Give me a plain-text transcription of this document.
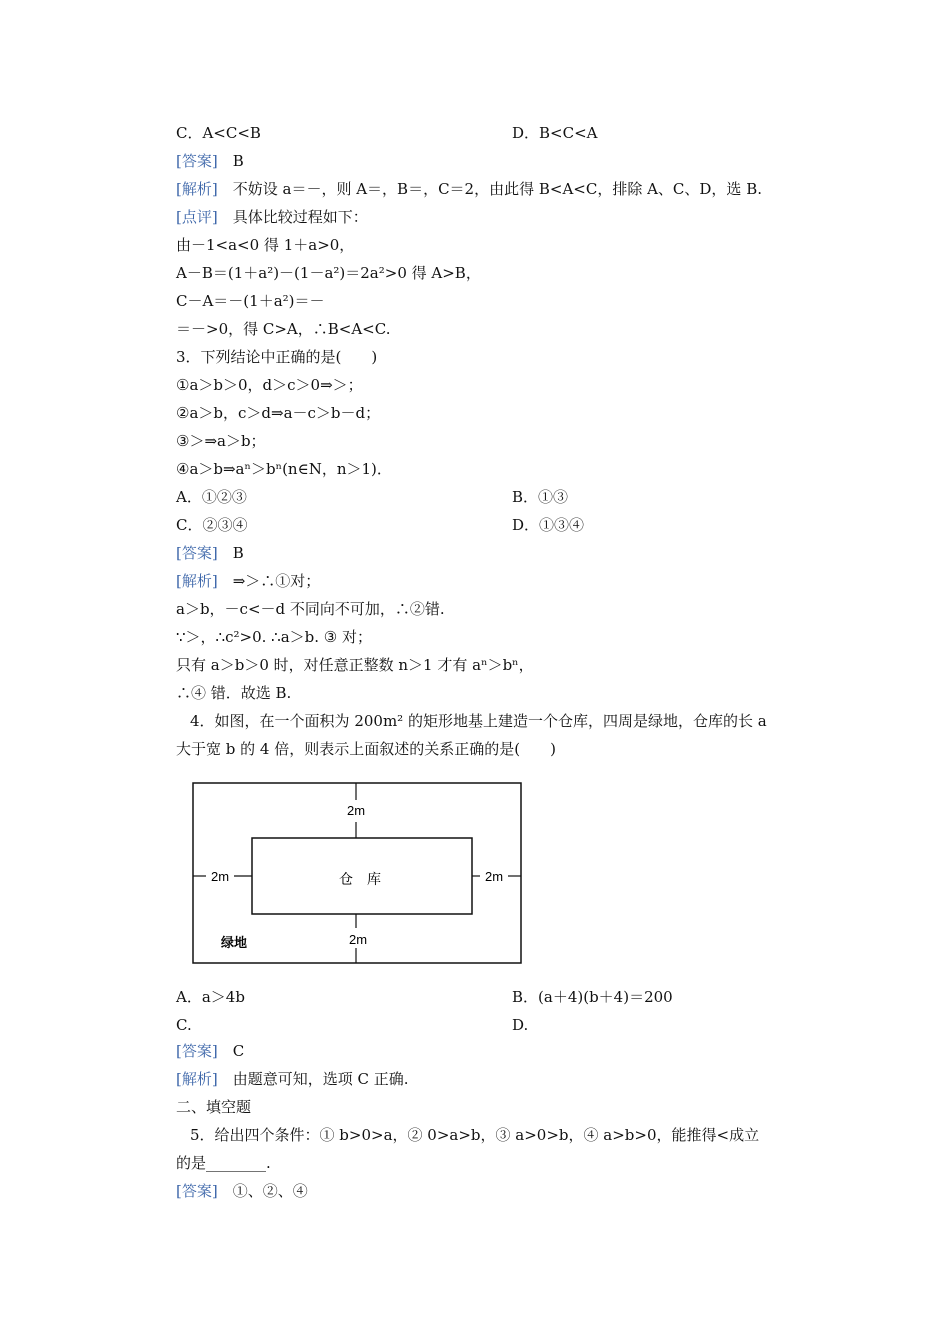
C．A<C<B	D．B<C<A
[答案]　 B
[解析]　 不妨设 a＝－，则 A＝，B＝，C＝2，由此得 B<A<C，排除 A、C、D，选 B.
[点评]　 具体比较过程如下：
由－1<a<0 得 1＋a>0，
A－B＝(1＋a²)－(1－a²)＝2a²>0 得 A>B，
C－A＝－(1＋a²)＝－
＝－>0，得 C>A，∴B<A<C.
3．下列结论中正确的是(　　)
①a＞b＞0，d＞c＞0⇒＞；
②a＞b，c＞d⇒a－c＞b－d；
③＞⇒a＞b；
④a＞b⇒aⁿ＞bⁿ(n∈N，n＞1)．
A．①②③	B．①③
C．②③④	D．①③④
[答案]　 B
[解析]　 ⇒＞∴①对；
a＞b，－c<－d 不同向不可加，∴②错.
∵＞，∴c²>0. ∴a＞b. ③ 对；
只有 a＞b＞0 时，对任意正整数 n＞1 才有 aⁿ＞bⁿ，
∴④ 错．故选 B.
4．如图，在一个面积为 200m² 的矩形地基上建造一个仓库，四周是绿地，仓库的长 a
大于宽 b 的 4 倍，则表示上面叙述的关系正确的是(　　)
2m
2m	2m
2m
仓　库
绿地
A．a＞4b	B．(a＋4)(b＋4)＝200
C.	D.
[答案]　 C
[解析]　 由题意可知，选项 C 正确.
二、填空题
5．给出四个条件：① b>0>a，② 0>a>b，③ a>0>b，④ a>b>0，能推得<成立
的是________.
[答案]　 ①、②、④
